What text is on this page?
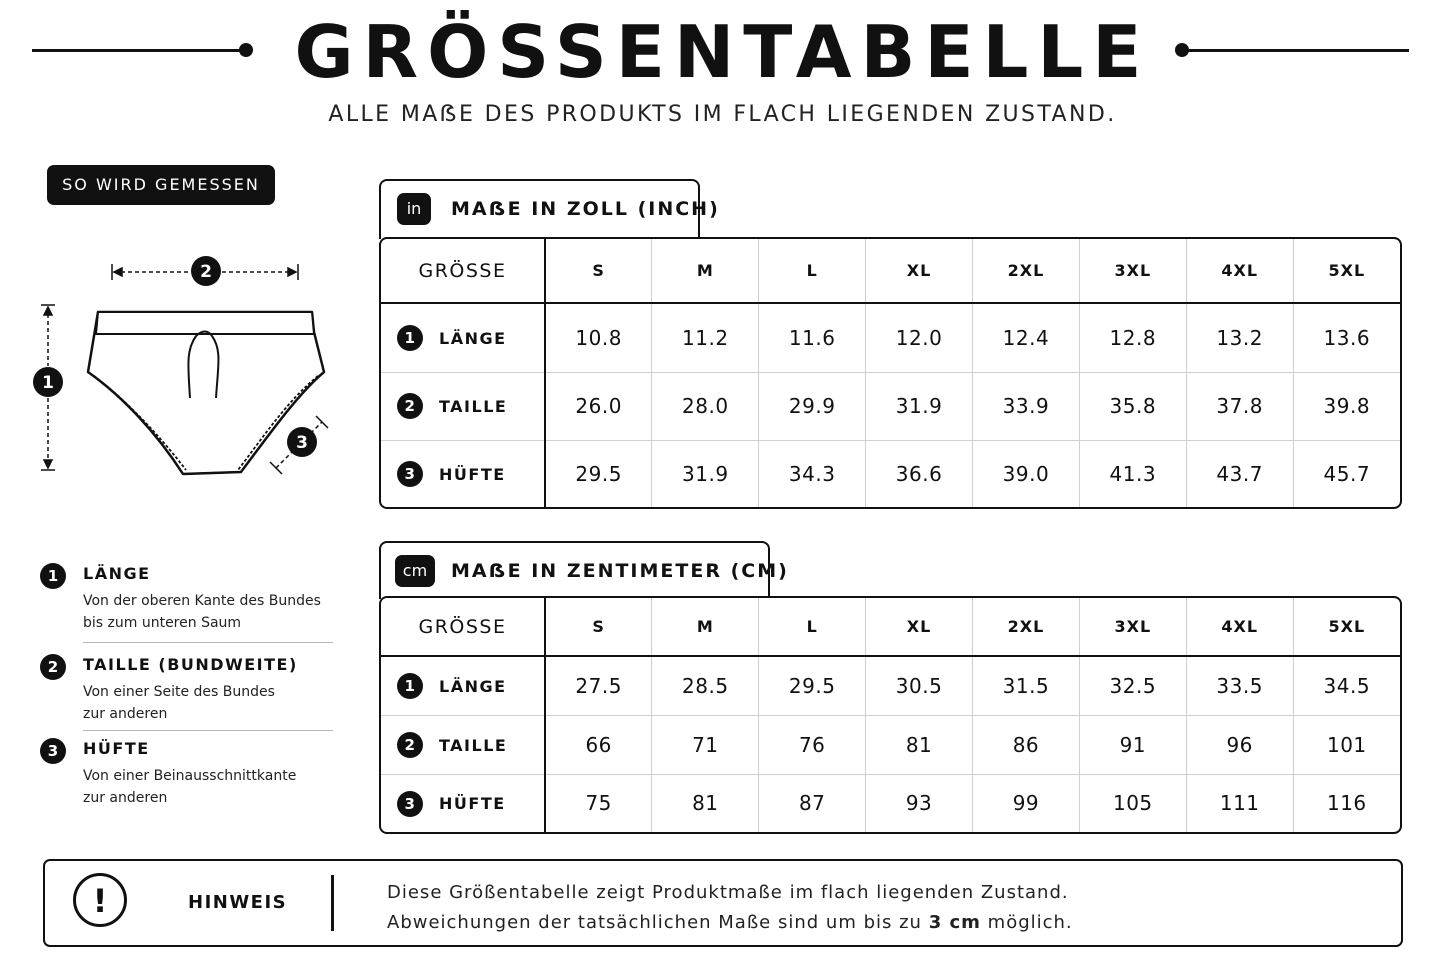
GRÖSSENTABELLE
ALLE MAẞE DES PRODUKTS IM FLACH LIEGENDEN ZUSTAND.
SO WIRD GEMESSEN
2
1
3
1	LÄNGE
Von der oberen Kante des Bundes
bis zum unteren Saum
2	TAILLE (BUNDWEITE)
Von einer Seite des Bundes
zur anderen
3	HÜFTE
Von einer Beinausschnittkante
zur anderen
in	MAẞE IN ZOLL (INCH)
GRÖSSE	S	M	L	XL	2XL	3XL	4XL	5XL
1 LÄNGE	10.8	11.2	11.6	12.0	12.4	12.8	13.2	13.6
2 TAILLE	26.0	28.0	29.9	31.9	33.9	35.8	37.8	39.8
3 HÜFTE	29.5	31.9	34.3	36.6	39.0	41.3	43.7	45.7
cm	MAẞE IN ZENTIMETER (CM)
GRÖSSE	S	M	L	XL	2XL	3XL	4XL	5XL
1 LÄNGE	27.5	28.5	29.5	30.5	31.5	32.5	33.5	34.5
2 TAILLE	66	71	76	81	86	91	96	101
3 HÜFTE	75	81	87	93	99	105	111	116
!	HINWEIS	Diese Größentabelle zeigt Produktmaße im flach liegenden Zustand.
Abweichungen der tatsächlichen Maße sind um bis zu 3 cm möglich.
